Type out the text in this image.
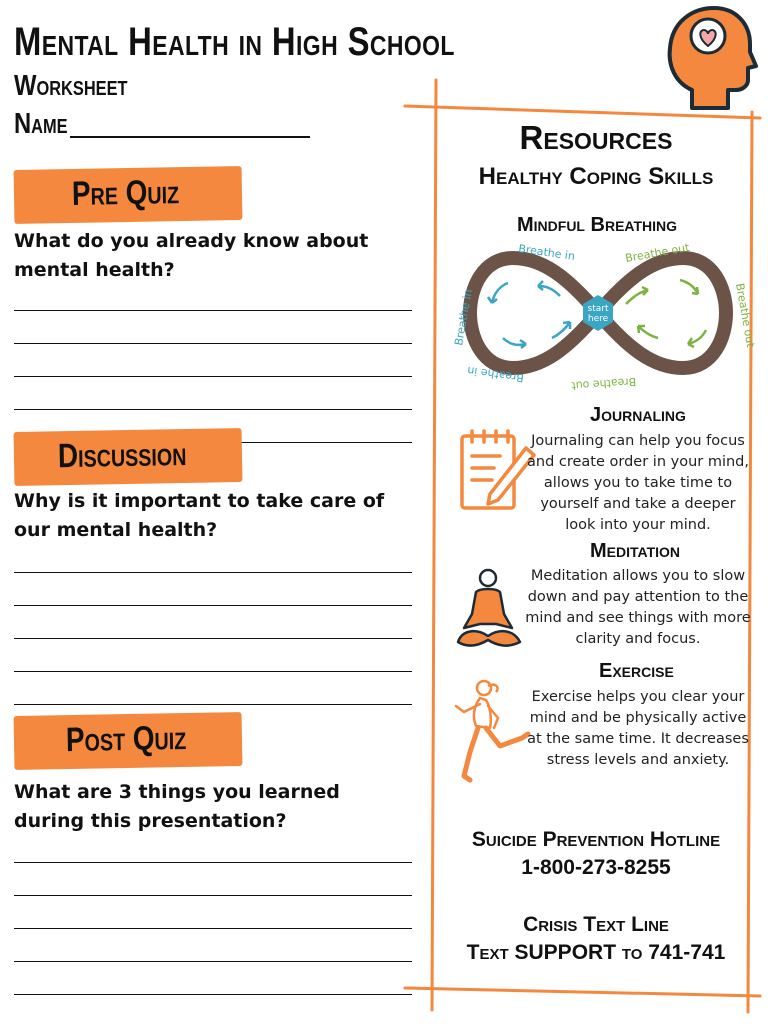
Mental Health in High School
Worksheet
Name
Pre Quiz
What do you already know about mental health?
Discussion
Why is it important to take care of our mental health?
Post Quiz
What are 3 things you learned during this presentation?
Resources
Healthy Coping Skills
Mindful Breathing
start
here
Breathe in	Breathe out
Breathe in	Breathe out
Breathe in	Breathe out
Journaling
Journaling can help you focus and create order in your mind, allows you to take time to yourself and take a deeper look into your mind.
Meditation
Meditation allows you to slow down and pay attention to the mind and see things with more clarity and focus.
Exercise
Exercise helps you clear your mind and be physically active at the same time. It decreases stress levels and anxiety.
Suicide Prevention Hotline
1-800-273-8255
Crisis Text Line
Text SUPPORT to 741-741
